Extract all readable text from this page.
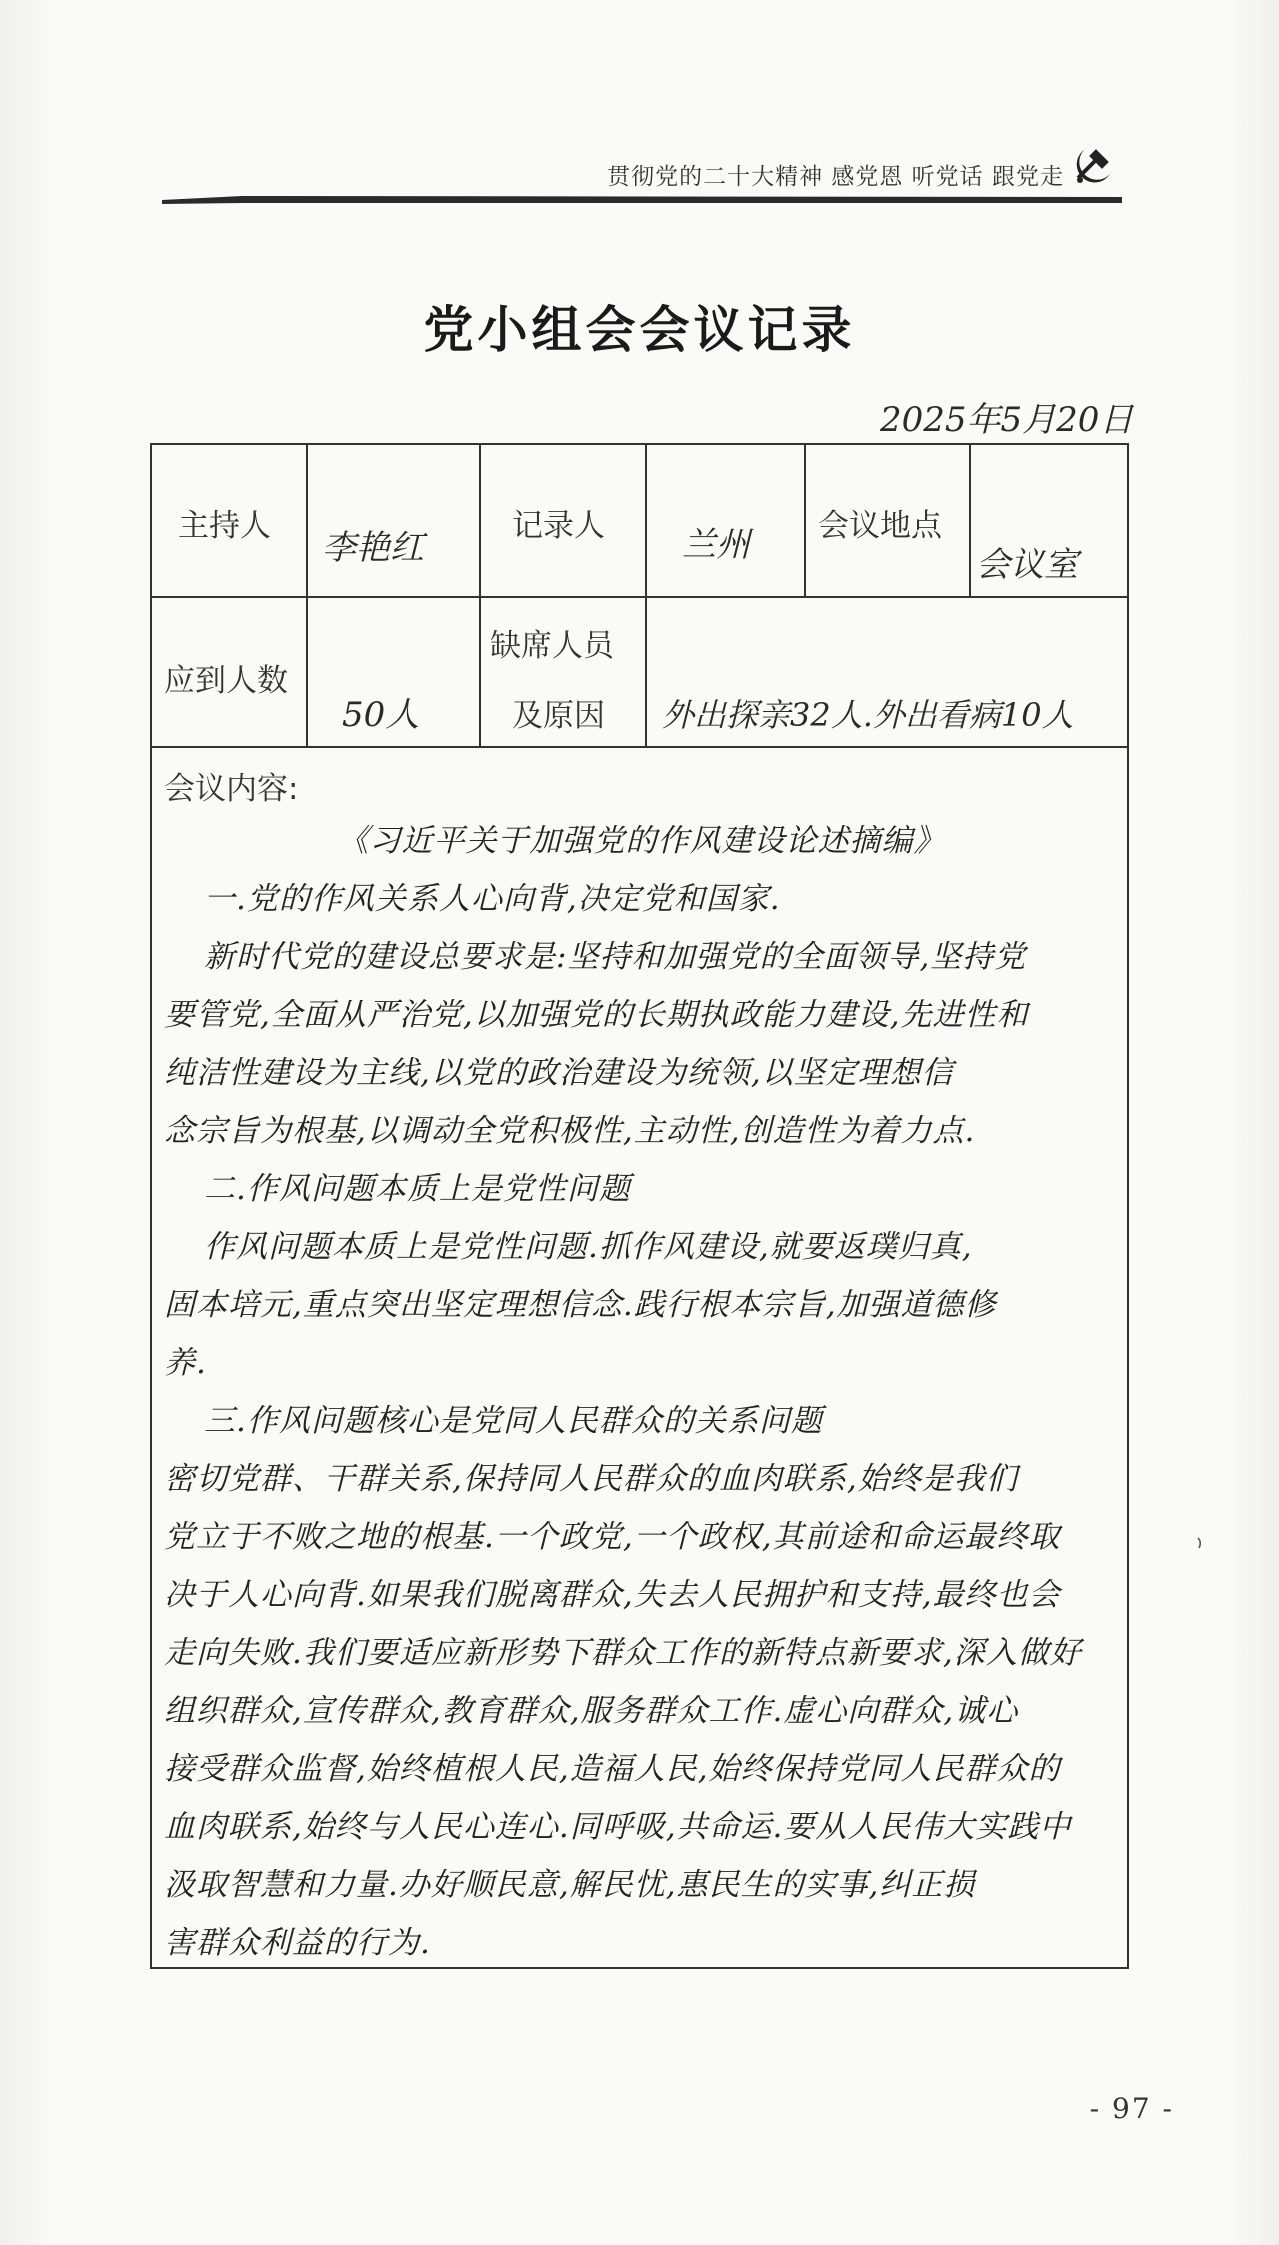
贯彻党的二十大精神 感党恩 听党话 跟党走
党小组会会议记录
2025年5月20日
主持人
李艳红
记录人 兰州 会议地点
会议室
应到人数
50人
缺席人员
及原因 外出探亲32人.外出看病10人

会议内容:

《习近平关于加强党的作风建设论述摘编》

一.党的作风关系人心向背,决定党和国家.

新时代党的建设总要求是:坚持和加强党的全面领导,坚持党

要管党,全面从严治党,以加强党的长期执政能力建设,先进性和

纯洁性建设为主线,以党的政治建设为统领,以坚定理想信

念宗旨为根基,以调动全党积极性,主动性,创造性为着力点.

二.作风问题本质上是党性问题

作风问题本质上是党性问题.抓作风建设,就要返璞归真,

固本培元,重点突出坚定理想信念.践行根本宗旨,加强道德修

养.

三.作风问题核心是党同人民群众的关系问题

密切党群、干群关系,保持同人民群众的血肉联系,始终是我们

党立于不败之地的根基.一个政党,一个政权,其前途和命运最终取

决于人心向背.如果我们脱离群众,失去人民拥护和支持,最终也会

走向失败.我们要适应新形势下群众工作的新特点新要求,深入做好

组织群众,宣传群众,教育群众,服务群众工作.虚心向群众,诚心

接受群众监督,始终植根人民,造福人民,始终保持党同人民群众的

血肉联系,始终与人民心连心.同呼吸,共命运.要从人民伟大实践中

汲取智慧和力量.办好顺民意,解民忧,惠民生的实事,纠正损

害群众利益的行为.

- 97 -
